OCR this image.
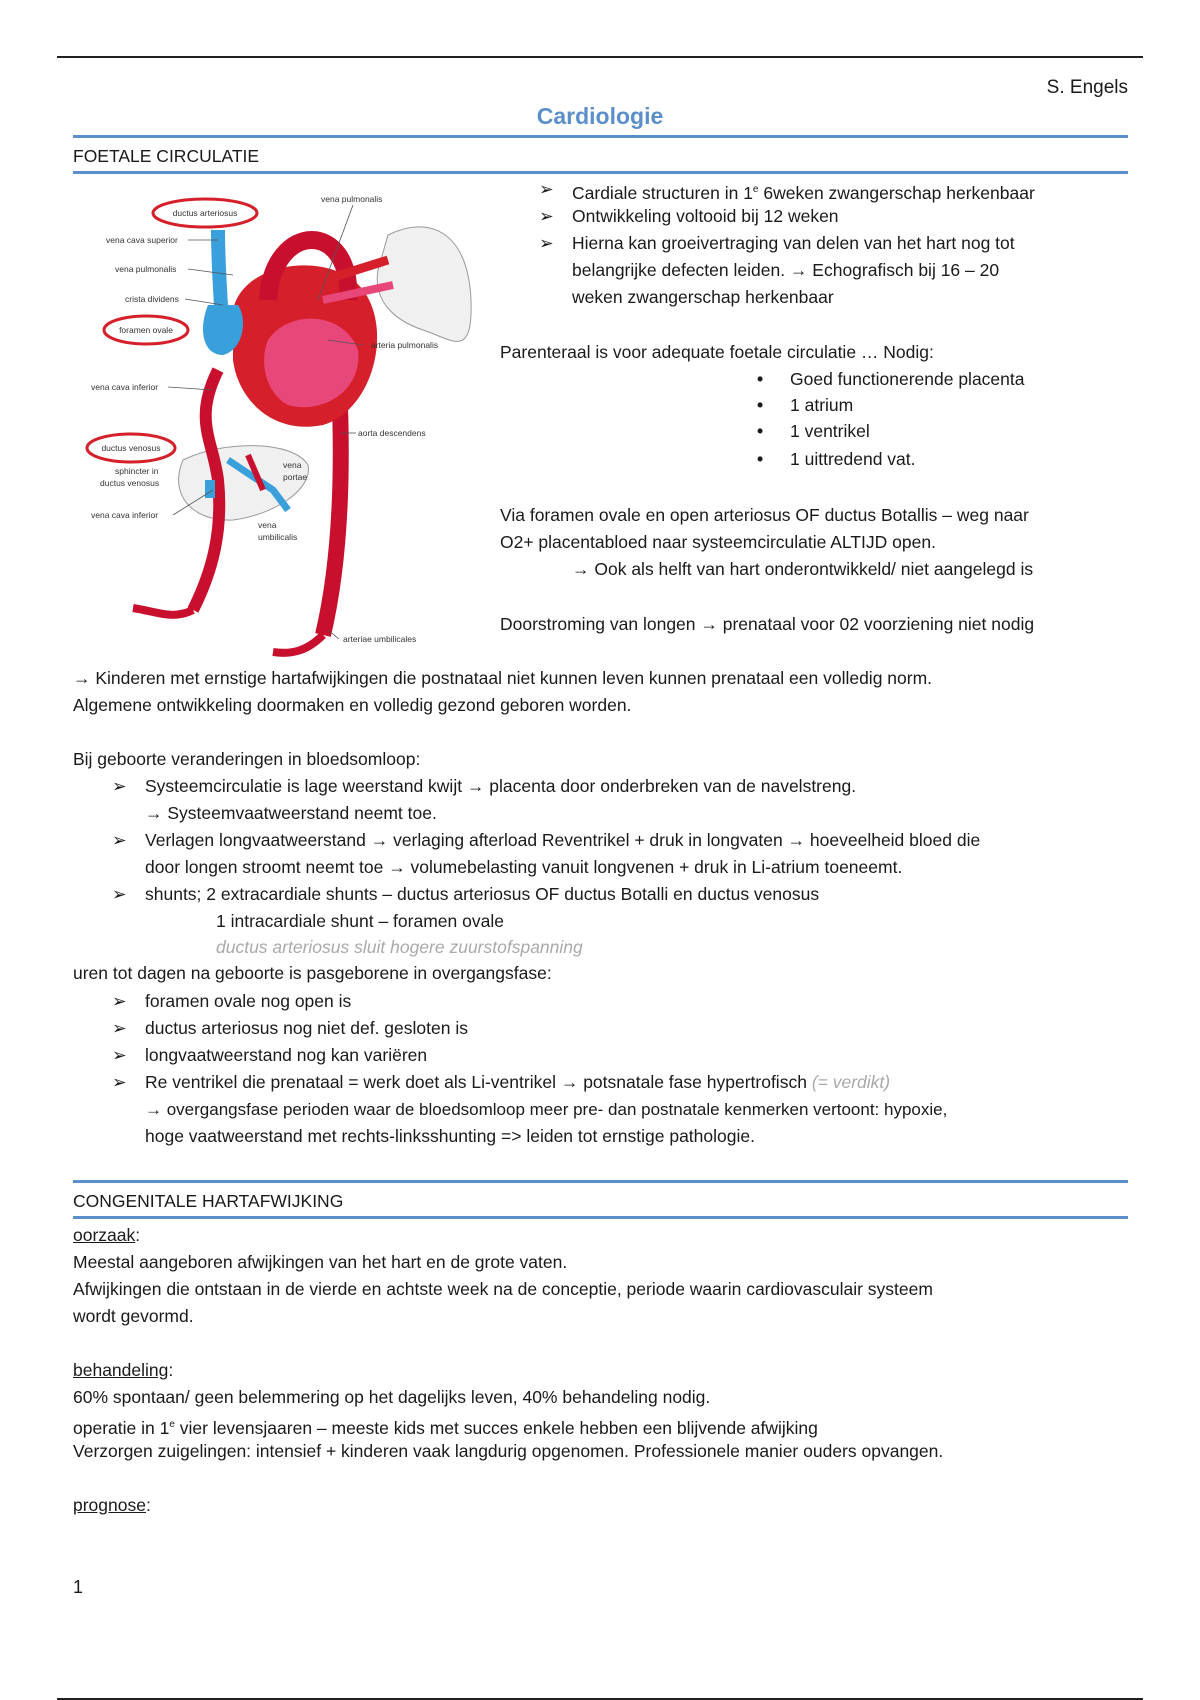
S. Engels
Cardiologie
FOETALE CIRCULATIE
➢ Cardiale structuren in 1e 6weken zwangerschap herkenbaar
➢ Ontwikkeling voltooid bij 12 weken
➢ Hierna kan groeivertraging van delen van het hart nog tot
belangrijke defecten leiden. → Echografisch bij 16 – 20
weken zwangerschap herkenbaar
Parenteraal is voor adequate foetale circulatie … Nodig:
• Goed functionerende placenta
• 1 atrium
• 1 ventrikel
• 1 uittredend vat.
Via foramen ovale en open arteriosus OF ductus Botallis – weg naar
O2+ placentabloed naar systeemcirculatie ALTIJD open.
→ Ook als helft van hart onderontwikkeld/ niet aangelegd is
Doorstroming van longen → prenataal voor 02 voorziening niet nodig
ductus arteriosus
vena pulmonalis
vena cava superior
vena pulmonalis
crista dividens
foramen ovale
arteria pulmonalis
vena cava inferior
aorta descendens
ductus venosus
sphincter in
ductus venosus
vena
portae
vena cava inferior
vena
umbilicalis
arteriae umbilicales
→ Kinderen met ernstige hartafwijkingen die postnataal niet kunnen leven kunnen prenataal een volledig norm.
Algemene ontwikkeling doormaken en volledig gezond geboren worden.
Bij geboorte veranderingen in bloedsomloop:
➢ Systeemcirculatie is lage weerstand kwijt → placenta door onderbreken van de navelstreng.
→ Systeemvaatweerstand neemt toe.
➢ Verlagen longvaatweerstand → verlaging afterload Reventrikel + druk in longvaten → hoeveelheid bloed die
door longen stroomt neemt toe → volumebelasting vanuit longvenen + druk in Li-atrium toeneemt.
➢ shunts; 2 extracardiale shunts – ductus arteriosus OF ductus Botalli en ductus venosus
1 intracardiale shunt – foramen ovale
ductus arteriosus sluit hogere zuurstofspanning
uren tot dagen na geboorte is pasgeborene in overgangsfase:
➢ foramen ovale nog open is
➢ ductus arteriosus nog niet def. gesloten is
➢ longvaatweerstand nog kan variëren
➢ Re ventrikel die prenataal = werk doet als Li-ventrikel → potsnatale fase hypertrofisch (= verdikt)
→ overgangsfase perioden waar de bloedsomloop meer pre- dan postnatale kenmerken vertoont: hypoxie,
hoge vaatweerstand met rechts-linksshunting => leiden tot ernstige pathologie.
CONGENITALE HARTAFWIJKING
oorzaak:
Meestal aangeboren afwijkingen van het hart en de grote vaten.
Afwijkingen die ontstaan in de vierde en achtste week na de conceptie, periode waarin cardiovasculair systeem
wordt gevormd.
behandeling:
60% spontaan/ geen belemmering op het dagelijks leven, 40% behandeling nodig.
operatie in 1e vier levensjaaren – meeste kids met succes enkele hebben een blijvende afwijking
Verzorgen zuigelingen: intensief + kinderen vaak langdurig opgenomen. Professionele manier ouders opvangen.
prognose:
1
